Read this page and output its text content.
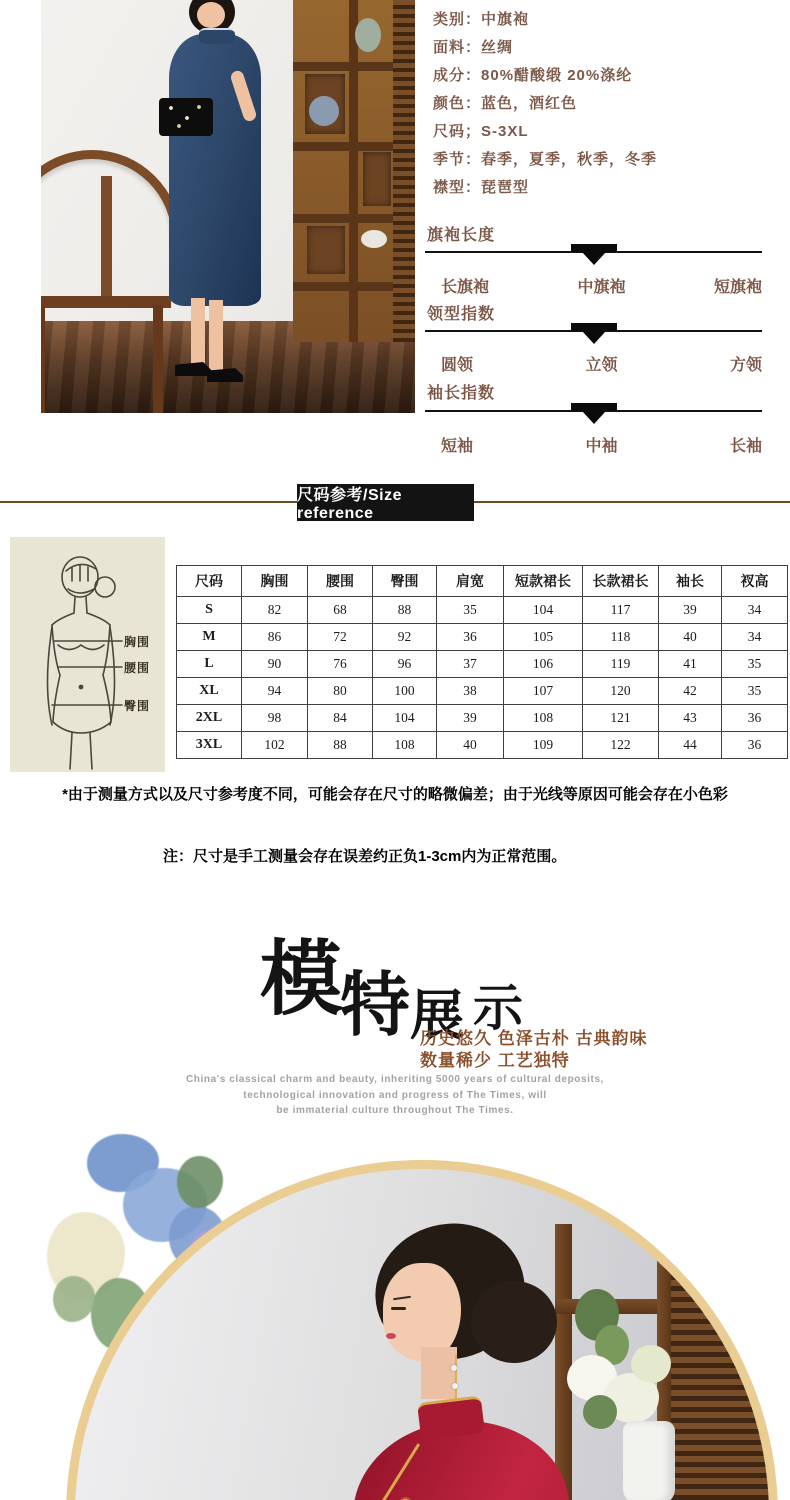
类别：中旗袍
面料：丝绸
成分：80%醋酸缎 20%涤纶
颜色：蓝色，酒红色
尺码；S-3XL
季节：春季，夏季，秋季，冬季
襟型：琵琶型
旗袍长度
长旗袍	中旗袍	短旗袍
领型指数
圆领	立领	方领
袖长指数
短袖	中袖	长袖
尺码参考/Size reference
胸围
腰围
臀围
尺码	胸围	腰围	臀围	肩宽	短款裙长	长款裙长	袖长	衩高
S	82	68	88	35	104	117	39	34
M	86	72	92	36	105	118	40	34
L	90	76	96	37	106	119	41	35
XL	94	80	100	38	107	120	42	35
2XL	98	84	104	39	108	121	43	36
3XL	102	88	108	40	109	122	44	36
*由于测量方式以及尺寸参考度不同，可能会存在尺寸的略微偏差；由于光线等原因可能会存在小色彩
注：尺寸是手工测量会存在误差约正负1-3cm内为正常范围。
模
特 展 示
历史悠久 色泽古朴 古典韵味
数量稀少 工艺独特
China's classical charm and beauty, inheriting 5000 years of cultural deposits,
technological innovation and progress of The Times, will
be immaterial culture throughout The Times.
